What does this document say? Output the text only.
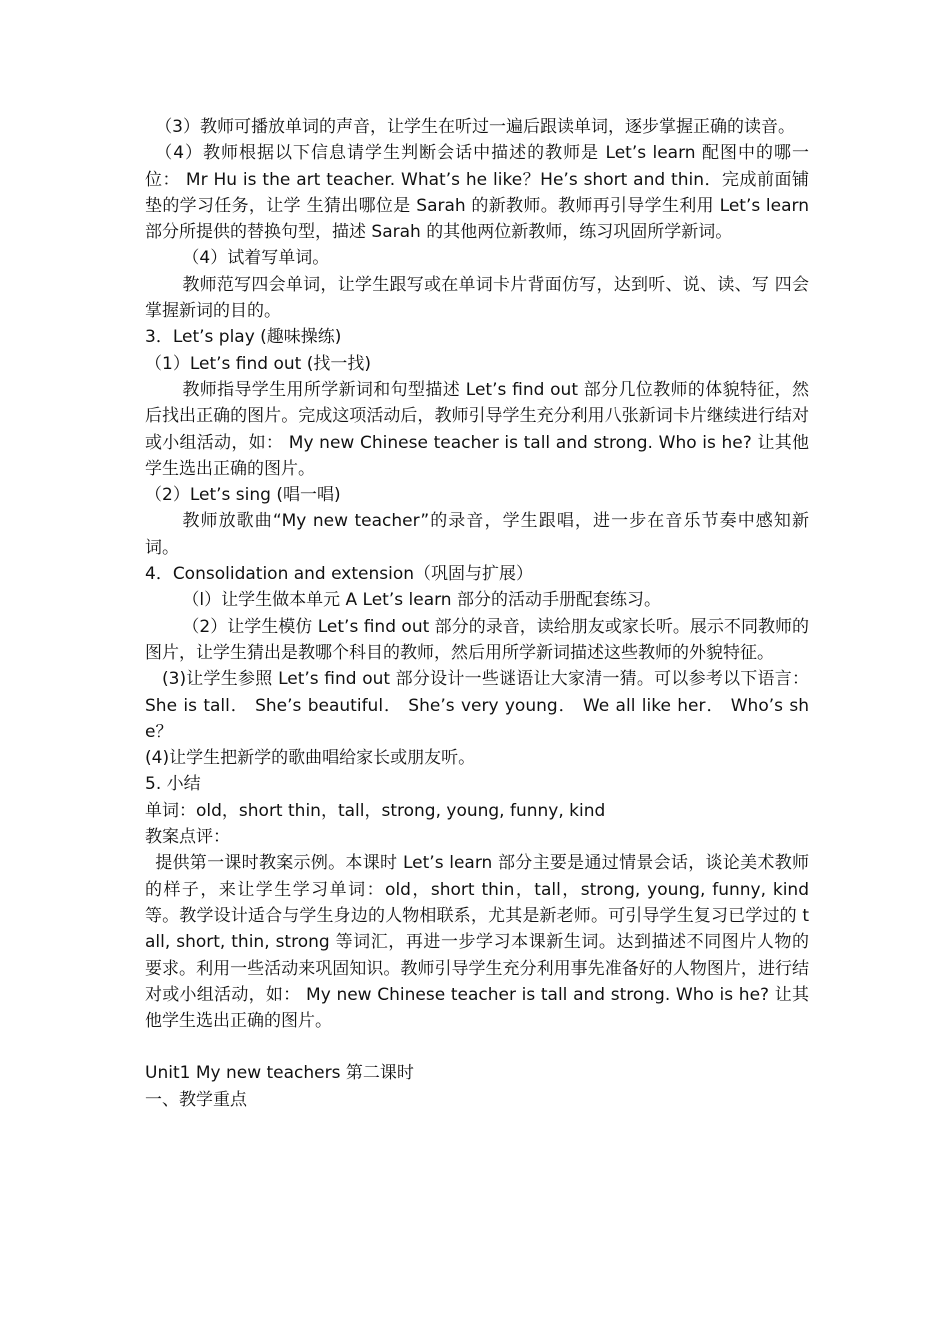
（3）教师可播放单词的声音，让学生在听过一遍后跟读单词，逐步掌握正确的读音。

（4）教师根据以下信息请学生判断会话中描述的教师是 Let’s learn 配图中的哪一位： Mr Hu is the art teacher. What’s he like？He’s short and thin．完成前面铺垫的学习任务，让学 生猜出哪位是 Sarah 的新教师。教师再引导学生利用 Let’s learn 部分所提供的替换句型，描述 Sarah 的其他两位新教师，练习巩固所学新词。

（4）试着写单词。

教师范写四会单词，让学生跟写或在单词卡片背面仿写，达到听、说、读、写 四会掌握新词的目的。

3．Let’s play (趣味操练)

（1）Let’s find out (找一找)

教师指导学生用所学新词和句型描述 Let’s find out 部分几位教师的体貌特征，然后找出正确的图片。完成这项活动后，教师引导学生充分利用八张新词卡片继续进行结对或小组活动，如： My new Chinese teacher is tall and strong. Who is he? 让其他学生选出正确的图片。

（2）Let’s sing (唱一唱)

教师放歌曲“My new teacher”的录音，学生跟唱，进一步在音乐节奏中感知新词。

4．Consolidation and extension（巩固与扩展）

（l）让学生做本单元 A Let’s learn 部分的活动手册配套练习。

（2）让学生模仿 Let’s find out 部分的录音，读给朋友或家长听。展示不同教师的图片，让学生猜出是教哪个科目的教师，然后用所学新词描述这些教师的外貌特征。

(3)让学生参照 Let’s find out 部分设计一些谜语让大家清一猜。可以参考以下语言： She is tall． She’s beautiful． She’s very young． We all like her． Who’s she？

(4)让学生把新学的歌曲唱给家长或朋友听。

5. 小结

单词：old，short thin，tall，strong, young, funny, kind

教案点评：

提供第一课时教案示例。本课时 Let’s learn 部分主要是通过情景会话，谈论美术教师的样子，来让学生学习单词：old，short thin，tall，strong, young, funny, kind 等。教学设计适合与学生身边的人物相联系，尤其是新老师。可引导学生复习已学过的 tall, short, thin, strong 等词汇，再进一步学习本课新生词。达到描述不同图片人物的要求。利用一些活动来巩固知识。教师引导学生充分利用事先准备好的人物图片，进行结对或小组活动，如： My new Chinese teacher is tall and strong. Who is he? 让其他学生选出正确的图片。

Unit1 My new teachers 第二课时

一、教学重点
